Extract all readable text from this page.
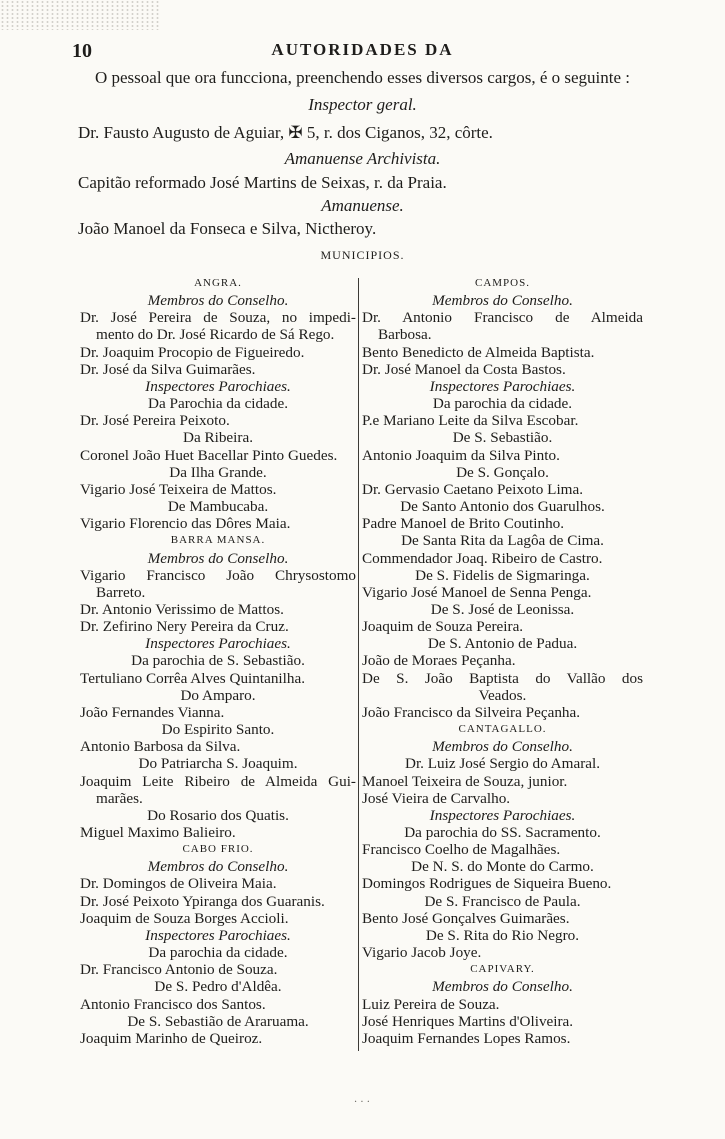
10	AUTORIDADES DA
O pessoal que ora funcciona, preenchendo esses diversos cargos, é o seguinte :
Inspector geral.
Dr. Fausto Augusto de Aguiar, ✠ 5, r. dos Ciganos, 32, côrte.
Amanuense Archivista.
Capitão reformado José Martins de Seixas, r. da Praia.
Amanuense.
João Manoel da Fonseca e Silva, Nictheroy.
MUNICIPIOS.
ANGRA.
Membros do Conselho.
Dr. José Pereira de Souza, no impedi-
mento do Dr. José Ricardo de Sá Rego.
Dr. Joaquim Procopio de Figueiredo.
Dr. José da Silva Guimarães.
Inspectores Parochiaes.
Da Parochia da cidade.
Dr. José Pereira Peixoto.
Da Ribeira.
Coronel João Huet Bacellar Pinto Guedes.
Da Ilha Grande.
Vigario José Teixeira de Mattos.
De Mambucaba.
Vigario Florencio das Dôres Maia.
BARRA MANSA.
Membros do Conselho.
Vigario Francisco João Chrysostomo
Barreto.
Dr. Antonio Verissimo de Mattos.
Dr. Zefirino Nery Pereira da Cruz.
Inspectores Parochiaes.
Da parochia de S. Sebastião.
Tertuliano Corrêa Alves Quintanilha.
Do Amparo.
João Fernandes Vianna.
Do Espirito Santo.
Antonio Barbosa da Silva.
Do Patriarcha S. Joaquim.
Joaquim Leite Ribeiro de Almeida Gui-
marães.
Do Rosario dos Quatis.
Miguel Maximo Balieiro.
CABO FRIO.
Membros do Conselho.
Dr. Domingos de Oliveira Maia.
Dr. José Peixoto Ypiranga dos Guaranis.
Joaquim de Souza Borges Accioli.
Inspectores Parochiaes.
Da parochia da cidade.
Dr. Francisco Antonio de Souza.
De S. Pedro d'Aldêa.
Antonio Francisco dos Santos.
De S. Sebastião de Araruama.
Joaquim Marinho de Queiroz.
CAMPOS.
Membros do Conselho.
Dr. Antonio Francisco de Almeida
Barbosa.
Bento Benedicto de Almeida Baptista.
Dr. José Manoel da Costa Bastos.
Inspectores Parochiaes.
Da parochia da cidade.
P.e Mariano Leite da Silva Escobar.
De S. Sebastião.
Antonio Joaquim da Silva Pinto.
De S. Gonçalo.
Dr. Gervasio Caetano Peixoto Lima.
De Santo Antonio dos Guarulhos.
Padre Manoel de Brito Coutinho.
De Santa Rita da Lagôa de Cima.
Commendador Joaq. Ribeiro de Castro.
De S. Fidelis de Sigmaringa.
Vigario José Manoel de Senna Penga.
De S. José de Leonissa.
Joaquim de Souza Pereira.
De S. Antonio de Padua.
João de Moraes Peçanha.
De S. João Baptista do Vallão dos
Veados.
João Francisco da Silveira Peçanha.
CANTAGALLO.
Membros do Conselho.
Dr. Luiz José Sergio do Amaral.
Manoel Teixeira de Souza, junior.
José Vieira de Carvalho.
Inspectores Parochiaes.
Da parochia do SS. Sacramento.
Francisco Coelho de Magalhães.
De N. S. do Monte do Carmo.
Domingos Rodrigues de Siqueira Bueno.
De S. Francisco de Paula.
Bento José Gonçalves Guimarães.
De S. Rita do Rio Negro.
Vigario Jacob Joye.
CAPIVARY.
Membros do Conselho.
Luiz Pereira de Souza.
José Henriques Martins d'Oliveira.
Joaquim Fernandes Lopes Ramos.
· · ·
